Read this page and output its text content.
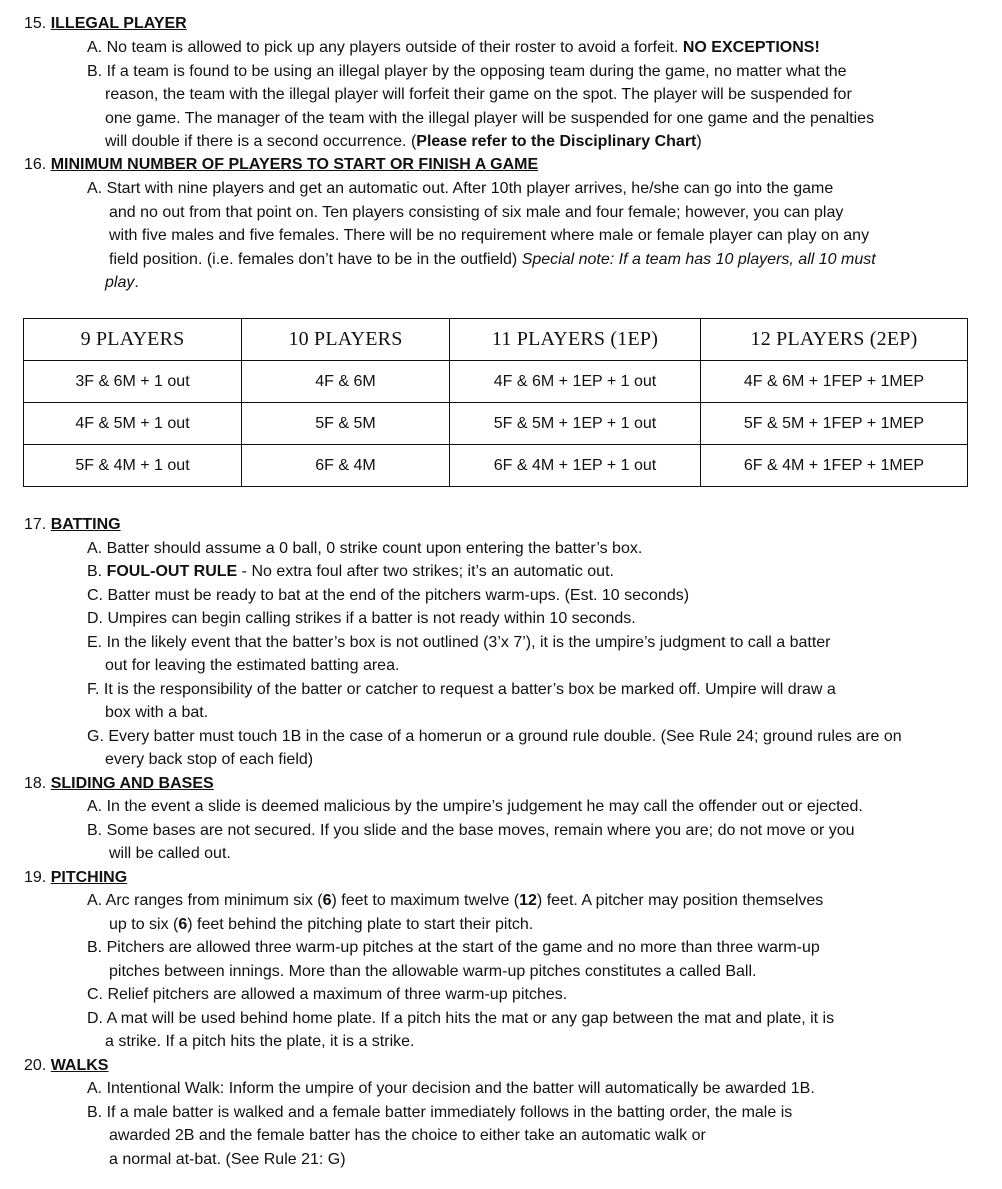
15. ILLEGAL PLAYER
A. No team is allowed to pick up any players outside of their roster to avoid a forfeit. NO EXCEPTIONS!
B. If a team is found to be using an illegal player by the opposing team during the game, no matter what the
reason, the team with the illegal player will forfeit their game on the spot. The player will be suspended for
one game. The manager of the team with the illegal player will be suspended for one game and the penalties
will double if there is a second occurrence. (Please refer to the Disciplinary Chart)
16. MINIMUM NUMBER OF PLAYERS TO START OR FINISH A GAME
A. Start with nine players and get an automatic out. After 10th player arrives, he/she can go into the game
and no out from that point on. Ten players consisting of six male and four female; however, you can play
with five males and five females. There will be no requirement where male or female player can play on any
field position. (i.e. females don’t have to be in the outfield) Special note: If a team has 10 players, all 10 must
play.
9 PLAYERS	10 PLAYERS	11 PLAYERS (1EP)	12 PLAYERS (2EP)
3F & 6M + 1 out	4F & 6M	4F & 6M + 1EP + 1 out	4F & 6M + 1FEP + 1MEP
4F & 5M + 1 out	5F & 5M	5F & 5M + 1EP + 1 out	5F & 5M + 1FEP + 1MEP
5F & 4M + 1 out	6F & 4M	6F & 4M + 1EP + 1 out	6F & 4M + 1FEP + 1MEP
17. BATTING
A. Batter should assume a 0 ball, 0 strike count upon entering the batter’s box.
B. FOUL-OUT RULE - No extra foul after two strikes; it’s an automatic out.
C. Batter must be ready to bat at the end of the pitchers warm-ups. (Est. 10 seconds)
D. Umpires can begin calling strikes if a batter is not ready within 10 seconds.
E. In the likely event that the batter’s box is not outlined (3’x 7’), it is the umpire’s judgment to call a batter
out for leaving the estimated batting area.
F. It is the responsibility of the batter or catcher to request a batter’s box be marked off. Umpire will draw a
box with a bat.
G. Every batter must touch 1B in the case of a homerun or a ground rule double. (See Rule 24; ground rules are on
every back stop of each field)
18. SLIDING AND BASES
A. In the event a slide is deemed malicious by the umpire’s judgement he may call the offender out or ejected.
B. Some bases are not secured. If you slide and the base moves, remain where you are; do not move or you
will be called out.
19. PITCHING
A. Arc ranges from minimum six (6) feet to maximum twelve (12) feet. A pitcher may position themselves
up to six (6) feet behind the pitching plate to start their pitch.
B. Pitchers are allowed three warm-up pitches at the start of the game and no more than three warm-up
pitches between innings. More than the allowable warm-up pitches constitutes a called Ball.
C. Relief pitchers are allowed a maximum of three warm-up pitches.
D. A mat will be used behind home plate. If a pitch hits the mat or any gap between the mat and plate, it is
a strike. If a pitch hits the plate, it is a strike.
20. WALKS
A. Intentional Walk: Inform the umpire of your decision and the batter will automatically be awarded 1B.
B. If a male batter is walked and a female batter immediately follows in the batting order, the male is
awarded 2B and the female batter has the choice to either take an automatic walk or
a normal at-bat. (See Rule 21: G)
